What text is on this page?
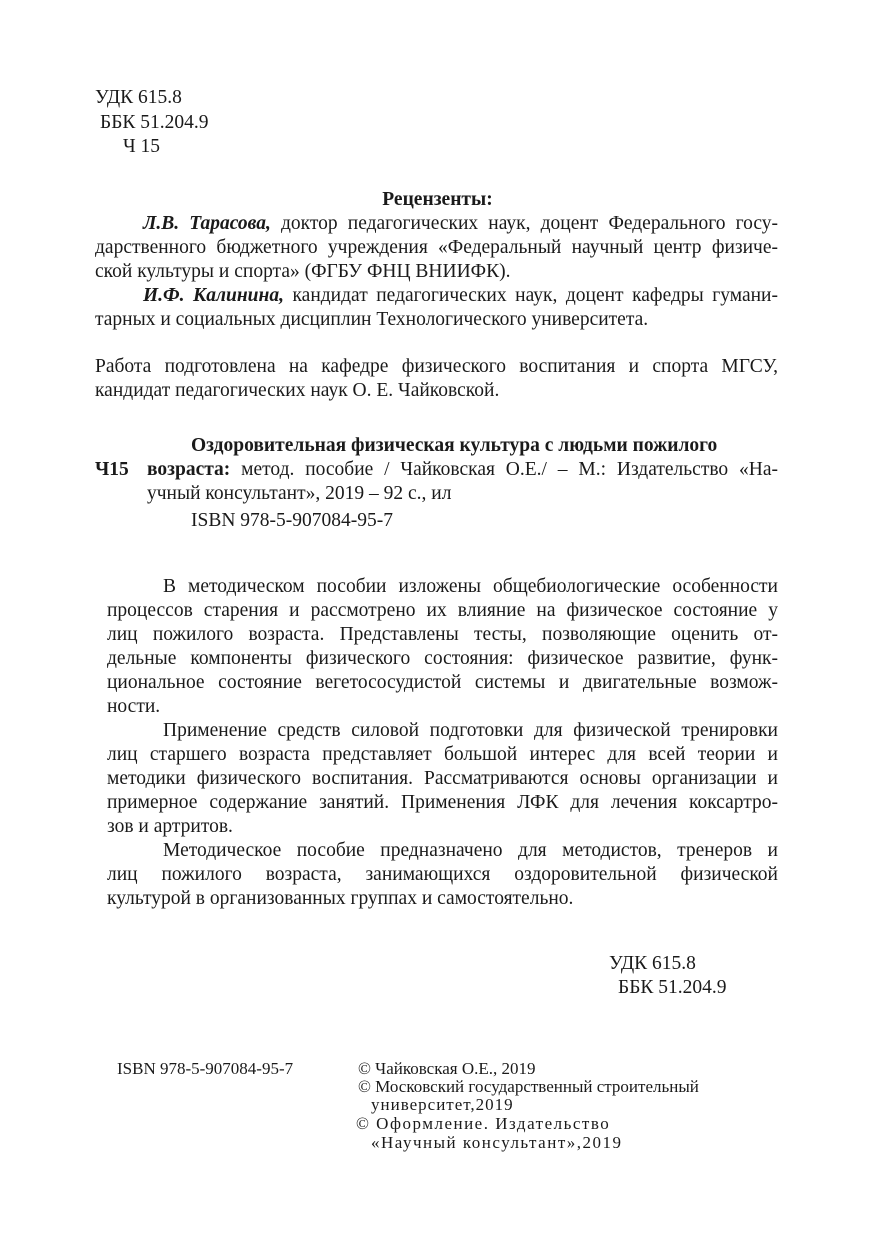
УДК 615.8
ББК 51.204.9
Ч 15
Рецензенты:
Л.В. Тарасова, доктор педагогических наук, доцент Федерального госу-
дарственного бюджетного учреждения «Федеральный научный центр физиче-
ской культуры и спорта» (ФГБУ ФНЦ ВНИИФК).
И.Ф. Калинина, кандидат педагогических наук, доцент кафедры гумани-
тарных и социальных дисциплин Технологического университета.
Работа подготовлена на кафедре физического воспитания и спорта МГСУ,
кандидат педагогических наук О. Е. Чайковской.
Оздоровительная физическая культура с людьми пожилого
Ч15 возраста: метод. пособие / Чайковская О.Е./ – М.: Издательство «На-
учный консультант», 2019 – 92 с., ил
ISBN 978-5-907084-95-7
В методическом пособии изложены общебиологические особенности
процессов старения и рассмотрено их влияние на физическое состояние у
лиц пожилого возраста. Представлены тесты, позволяющие оценить от-
дельные компоненты физического состояния: физическое развитие, функ-
циональное состояние вегетососудистой системы и двигательные возмож-
ности.
Применение средств силовой подготовки для физической тренировки
лиц старшего возраста представляет большой интерес для всей теории и
методики физического воспитания. Рассматриваются основы организации и
примерное содержание занятий. Применения ЛФК для лечения коксартро-
зов и артритов.
Методическое пособие предназначено для методистов, тренеров и
лиц пожилого возраста, занимающихся оздоровительной физической
культурой в организованных группах и самостоятельно.
УДК 615.8
ББК 51.204.9
ISBN 978-5-907084-95-7	© Чайковская О.Е., 2019
© Московский государственный строительный
университет,2019
© Оформление. Издательство
«Научный консультант»,2019
